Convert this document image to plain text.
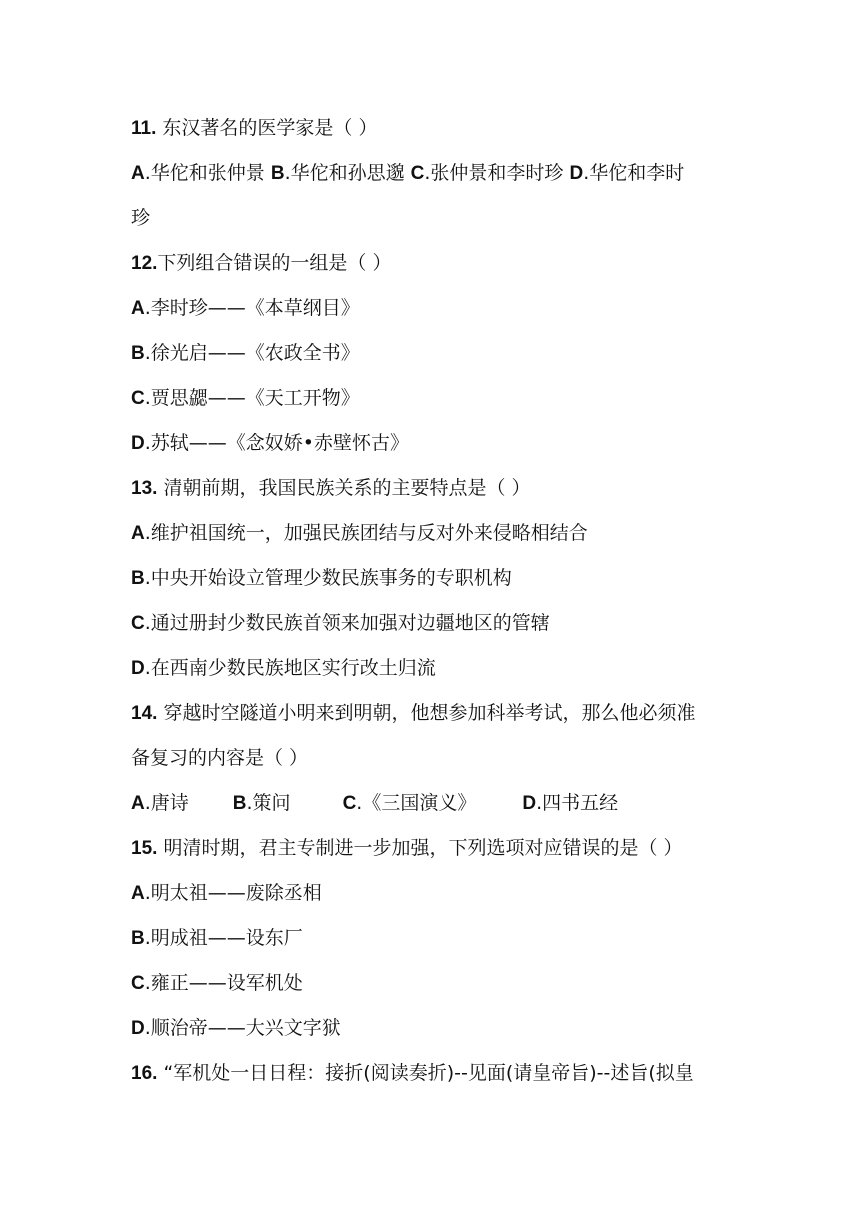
11. 东汉著名的医学家是（ ）
A.华佗和张仲景 B.华佗和孙思邈 C.张仲景和李时珍 D.华佗和李时
珍
12.下列组合错误的一组是（ ）
A.李时珍——《本草纲目》
B.徐光启——《农政全书》
C.贾思勰——《天工开物》
D.苏轼——《念奴娇•赤壁怀古》
13. 清朝前期，我国民族关系的主要特点是（ ）
A.维护祖国统一，加强民族团结与反对外来侵略相结合
B.中央开始设立管理少数民族事务的专职机构
C.通过册封少数民族首领来加强对边疆地区的管辖
D.在西南少数民族地区实行改土归流
14. 穿越时空隧道小明来到明朝，他想参加科举考试，那么他必须准
备复习的内容是（ ）
A.唐诗 B.策问	C.《三国演义》 D.四书五经
15. 明清时期，君主专制进一步加强，下列选项对应错误的是（ ）
A.明太祖——废除丞相
B.明成祖——设东厂
C.雍正——设军机处
D.顺治帝——大兴文字狱
16. “军机处一日日程：接折(阅读奏折)--见面(请皇帝旨)--述旨(拟皇
